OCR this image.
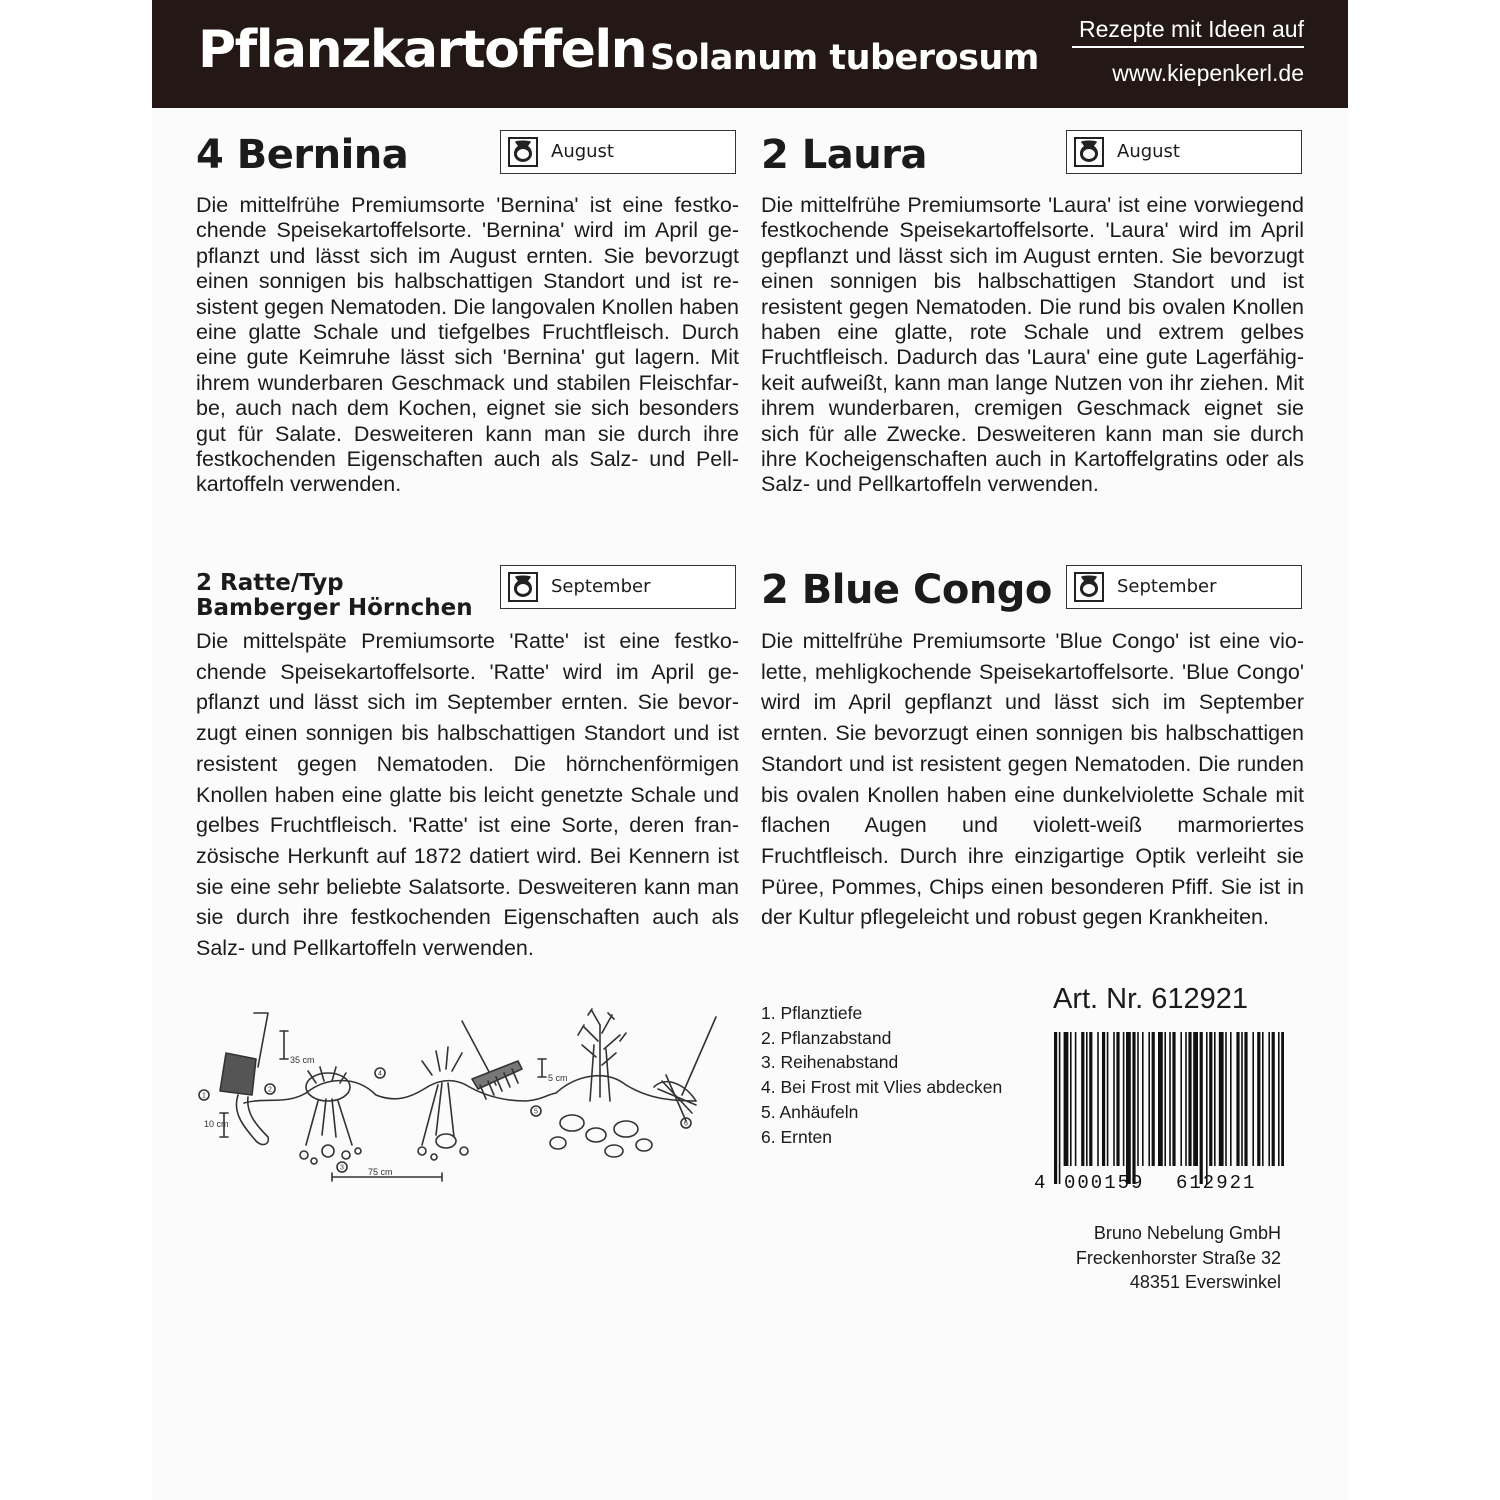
Pflanzkartoffeln Solanum tuberosum
Rezepte mit Ideen auf
www.kiepenkerl.de
4 Bernina	August

Die mittelfrühe Premiumsorte 'Bernina' ist eine festkochende Speisekartoffelsorte. 'Bernina' wird im April gepflanzt und lässt sich im August ernten. Sie bevorzugt einen sonnigen bis halbschattigen Standort und ist resistent gegen Nematoden. Die langovalen Knollen haben eine glatte Schale und tiefgelbes Fruchtfleisch. Durch eine gute Keimruhe lässt sich 'Bernina' gut lagern. Mit ihrem wunderbaren Geschmack und stabilen Fleischfarbe, auch nach dem Kochen, eignet sie sich besonders gut für Salate. Desweiteren kann man sie durch ihre festkochenden Eigenschaften auch als Salz- und Pellkartoffeln verwenden.

2 Laura	August

Die mittelfrühe Premiumsorte 'Laura' ist eine vorwiegend festkochende Speisekartoffelsorte. 'Laura' wird im April gepflanzt und lässt sich im August ernten. Sie bevorzugt einen sonnigen bis halbschattigen Standort und ist resistent gegen Nematoden. Die rund bis ovalen Knollen haben eine glatte, rote Schale und extrem gelbes Fruchtfleisch. Dadurch das 'Laura' eine gute Lagerfähigkeit aufweißt, kann man lange Nutzen von ihr ziehen. Mit ihrem wunderbaren, cremigen Geschmack eignet sie sich für alle Zwecke. Desweiteren kann man sie durch ihre Kocheigenschaften auch in Kartoffelgratins oder als Salz- und Pellkartoffeln verwenden.

2 Ratte/Typ Bamberger Hörnchen
September

Die mittelspäte Premiumsorte 'Ratte' ist eine festkochende Speisekartoffelsorte. 'Ratte' wird im April gepflanzt und lässt sich im September ernten. Sie bevorzugt einen sonnigen bis halbschattigen Standort und ist resistent gegen Nematoden. Die hörnchenförmigen Knollen haben eine glatte bis leicht genetzte Schale und gelbes Fruchtfleisch. 'Ratte' ist eine Sorte, deren französische Herkunft auf 1872 datiert wird. Bei Kennern ist sie eine sehr beliebte Salatsorte. Desweiteren kann man sie durch ihre festkochenden Eigenschaften auch als Salz- und Pellkartoffeln verwenden.

2 Blue Congo	September

Die mittelfrühe Premiumsorte 'Blue Congo' ist eine violette, mehligkochende Speisekartoffelsorte. 'Blue Congo' wird im April gepflanzt und lässt sich im September ernten. Sie bevorzugt einen sonnigen bis halbschattigen Standort und ist resistent gegen Nematoden. Die runden bis ovalen Knollen haben eine dunkelviolette Schale mit flachen Augen und violett-weiß marmoriertes Fruchtfleisch. Durch ihre einzigartige Optik verleiht sie Püree, Pommes, Chips einen besonderen Pfiff. Sie ist in der Kultur pflegeleicht und robust gegen Krankheiten.

35 cm
5 cm
10 cm
75 cm
1
2
3
4
5
6
1. Pflanztiefe
2. Pflanzabstand
3. Reihenabstand
4. Bei Frost mit Vlies abdecken
5. Anhäufeln
6. Ernten
Art. Nr. 612921
4 000159 612921
Bruno Nebelung GmbH
Freckenhorster Straße 32
48351 Everswinkel
